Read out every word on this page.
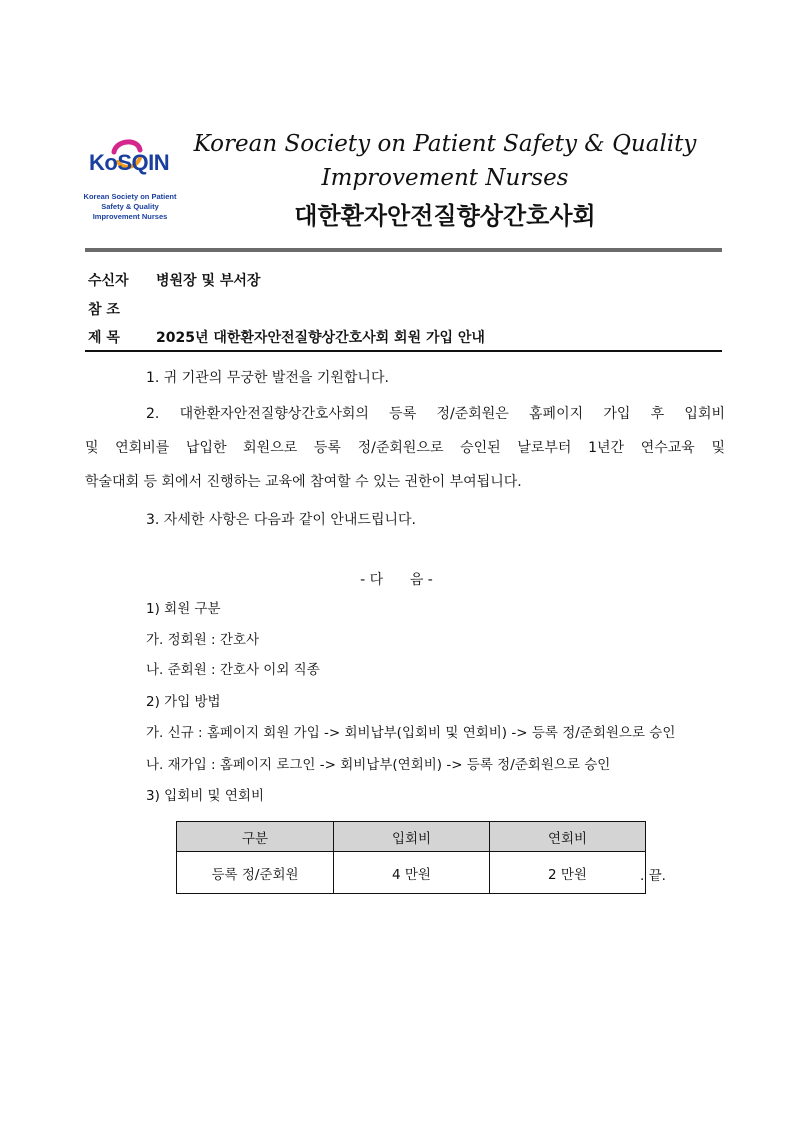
KoSQIN
Korean Society on Patient
Safety & Quality
Improvement Nurses
Korean Society on Patient Safety & Quality
Improvement Nurses
대한환자안전질향상간호사회
수신자 병원장 및 부서장
참 조
제 목	2025년 대한환자안전질향상간호사회 회원 가입 안내
1. 귀 기관의 무궁한 발전을 기원합니다.
2. 대한환자안전질향상간호사회의 등록 정/준회원은 홈페이지 가입 후 입회비
및 연회비를 납입한 회원으로 등록 정/준회원으로 승인된 날로부터 1년간 연수교육 및
학술대회 등 회에서 진행하는 교육에 참여할 수 있는 권한이 부여됩니다.
3. 자세한 사항은 다음과 같이 안내드립니다.
- 다      음 -
1) 회원 구분
가. 정회원 : 간호사
나. 준회원 : 간호사 이외 직종
2) 가입 방법
가. 신규 : 홈페이지 회원 가입 -> 회비납부(입회비 및 연회비) -> 등록 정/준회원으로 승인
나. 재가입 : 홈페이지 로그인 -> 회비납부(연회비) -> 등록 정/준회원으로 승인
3) 입회비 및 연회비
구분	입회비	연회비
등록 정/준회원	4 만원	2 만원	. 끝.
